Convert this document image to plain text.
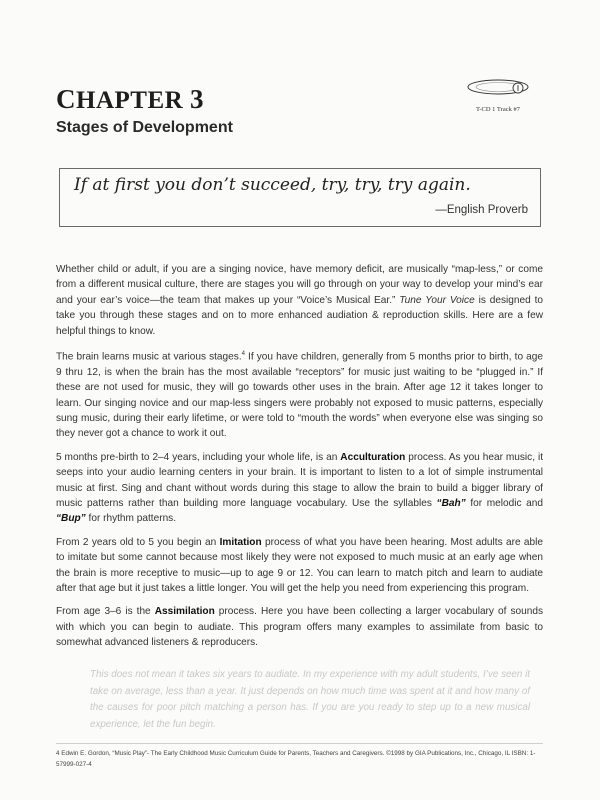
CHAPTER 3
Stages of Development
T-CD 1 Track #7
If at first you don’t succeed, try, try, try again.
—English Proverb

Whether child or adult, if you are a singing novice, have memory deficit, are musically “map-less,” or come from a different musical culture, there are stages you will go through on your way to develop your mind’s ear and your ear’s voice—the team that makes up your “Voice’s Musical Ear.” Tune Your Voice is designed to take you through these stages and on to more enhanced audiation & reproduction skills. Here are a few helpful things to know.

The brain learns music at various stages.$^4$ If you have children, generally from 5 months prior to birth, to age 9 thru 12, is when the brain has the most available “receptors” for music just waiting to be “plugged in.” If these are not used for music, they will go towards other uses in the brain. After age 12 it takes longer to learn. Our singing novice and our map-less singers were probably not exposed to music patterns, especially sung music, during their early lifetime, or were told to “mouth the words” when everyone else was singing so they never got a chance to work it out.

5 months pre-birth to 2–4 years, including your whole life, is an Acculturation process. As you hear music, it seeps into your audio learning centers in your brain. It is important to listen to a lot of simple instrumental music at first. Sing and chant without words during this stage to allow the brain to build a bigger library of music patterns rather than building more language vocabulary. Use the syllables “Bah” for melodic and “Bup” for rhythm patterns.

From 2 years old to 5 you begin an Imitation process of what you have been hearing. Most adults are able to imitate but some cannot because most likely they were not exposed to much music at an early age when the brain is more receptive to music—up to age 9 or 12. You can learn to match pitch and learn to audiate after that age but it just takes a little longer. You will get the help you need from experiencing this program.

From age 3–6 is the Assimilation process. Here you have been collecting a larger vocabulary of sounds with which you can begin to audiate. This program offers many examples to assimilate from basic to somewhat advanced listeners & reproducers.

This does not mean it takes six years to audiate. In my experience with my adult students, I’ve seen it take on average, less than a year. It just depends on how much time was spent at it and how many of the causes for poor pitch matching a person has. If you are you ready to step up to a new musical experience, let the fun begin.
4 Edwin E. Gordon, “Music Play”- The Early Childhood Music Curriculum Guide for Parents, Teachers and Caregivers. ©1998 by GIA Publications, Inc., Chicago, IL ISBN: 1-57999-027-4
